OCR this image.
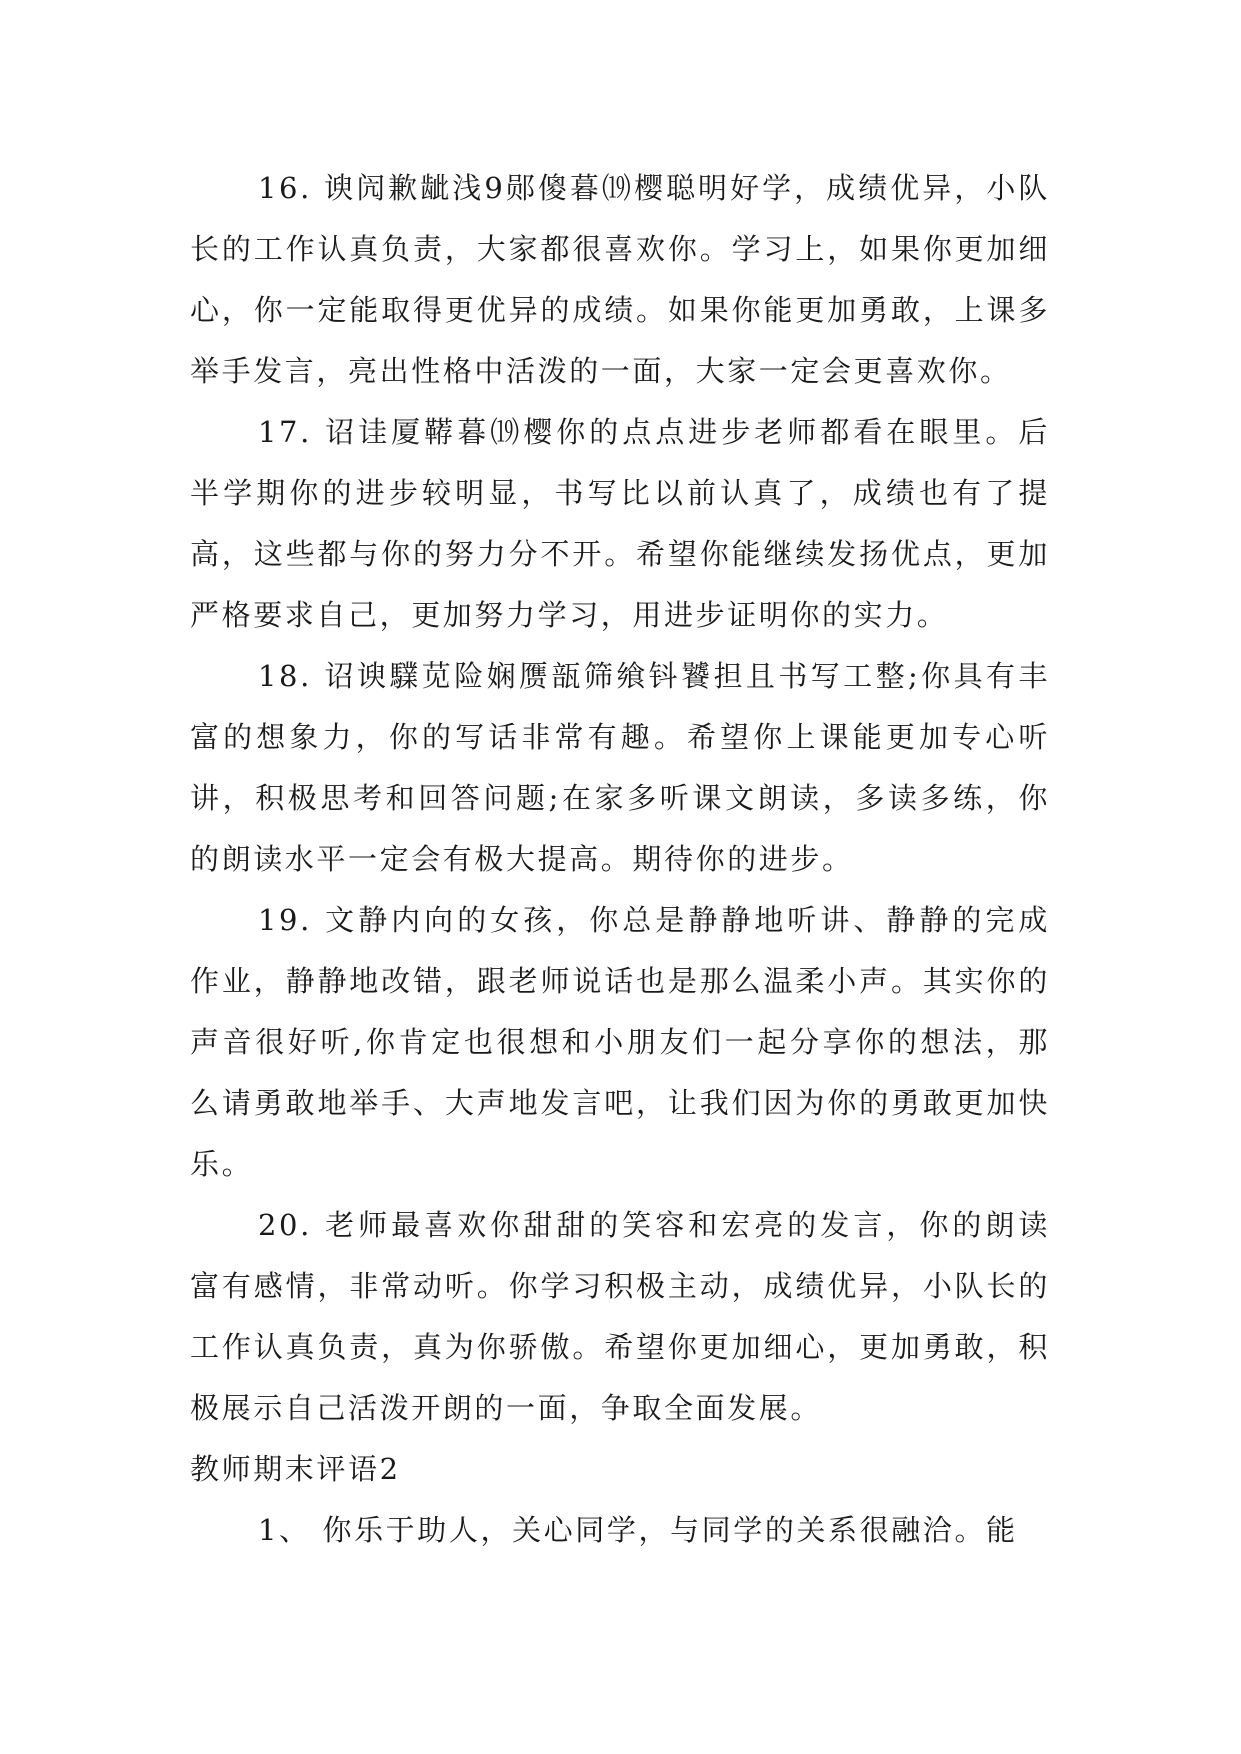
16. 谀闶歉龇浅9郧傻暮⒆樱聪明好学，成绩优异，小队长的工作认真负责，大家都很喜欢你。学习上，如果你更加细心，你一定能取得更优异的成绩。如果你能更加勇敢，上课多举手发言，亮出性格中活泼的一面，大家一定会更喜欢你。

17. 诏诖厦鞯暮⒆樱你的点点进步老师都看在眼里。后半学期你的进步较明显，书写比以前认真了，成绩也有了提高，这些都与你的努力分不开。希望你能继续发扬优点，更加严格要求自己，更加努力学习，用进步证明你的实力。

18. 诏谀驜苋险娴赝瓿筛飨钭饕担且书写工整;你具有丰富的想象力，你的写话非常有趣。希望你上课能更加专心听讲，积极思考和回答问题;在家多听课文朗读，多读多练，你的朗读水平一定会有极大提高。期待你的进步。

19. 文静内向的女孩，你总是静静地听讲、静静的完成作业，静静地改错，跟老师说话也是那么温柔小声。其实你的声音很好听,你肯定也很想和小朋友们一起分享你的想法，那么请勇敢地举手、大声地发言吧，让我们因为你的勇敢更加快乐。

20. 老师最喜欢你甜甜的笑容和宏亮的发言，你的朗读富有感情，非常动听。你学习积极主动，成绩优异，小队长的工作认真负责，真为你骄傲。希望你更加细心，更加勇敢，积极展示自己活泼开朗的一面，争取全面发展。

教师期末评语2

1、 你乐于助人，关心同学，与同学的关系很融洽。能
